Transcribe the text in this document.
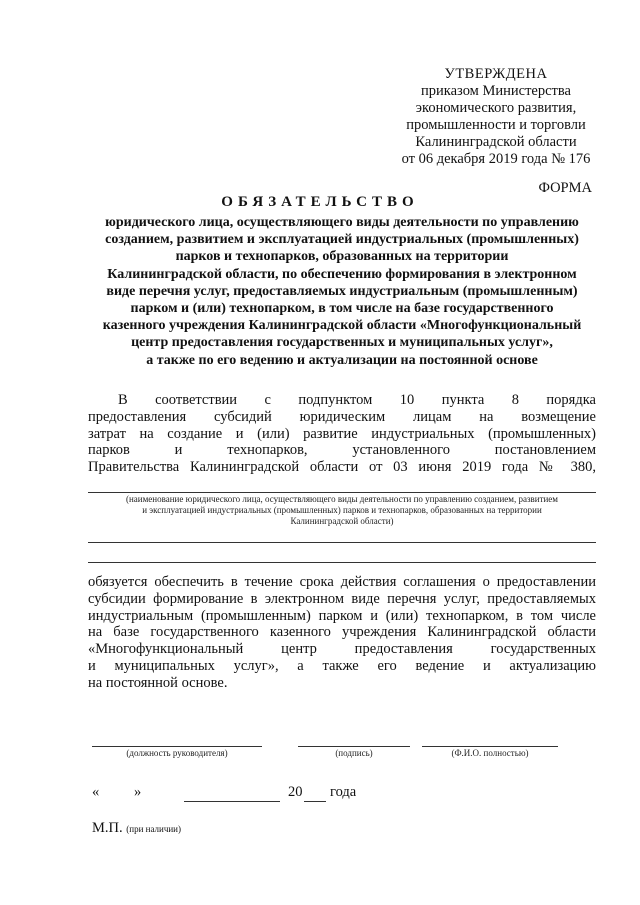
УТВЕРЖДЕНА
приказом Министерства
экономического развития,
промышленности и торговли
Калининградской области
от 06 декабря 2019 года № 176
ФОРМА
ОБЯЗАТЕЛЬСТВО
юридического лица, осуществляющего виды деятельности по управлению
созданием, развитием и эксплуатацией индустриальных (промышленных)
парков и технопарков, образованных на территории
Калининградской области, по обеспечению формирования в электронном
виде перечня услуг, предоставляемых индустриальным (промышленным)
парком и (или) технопарком, в том числе на базе государственного
казенного учреждения Калининградской области «Многофункциональный
центр предоставления государственных и муниципальных услуг»,
а также по его ведению и актуализации на постоянной основе
В соответствии с подпунктом 10 пункта 8 порядка
предоставления субсидий юридическим лицам на возмещение
затрат на создание и (или) развитие индустриальных (промышленных)
парков и технопарков, установленного постановлением
Правительства Калининградской области от 03 июня 2019 года № 380,
(наименование юридического лица, осуществляющего виды деятельности по управлению созданием, развитием
и эксплуатацией индустриальных (промышленных) парков и технопарков, образованных на территории
Калининградской области)
обязуется обеспечить в течение срока действия соглашения о предоставлении
субсидии формирование в электронном виде перечня услуг, предоставляемых
индустриальным (промышленным) парком и (или) технопарком, в том числе
на базе государственного казенного учреждения Калининградской области
«Многофункциональный центр предоставления государственных
и муниципальных услуг», а также его ведение и актуализацию
на постоянной основе.
(должность руководителя)	(подпись)	(Ф.И.О. полностью)
« »	20 года
М.П. (при наличии)
